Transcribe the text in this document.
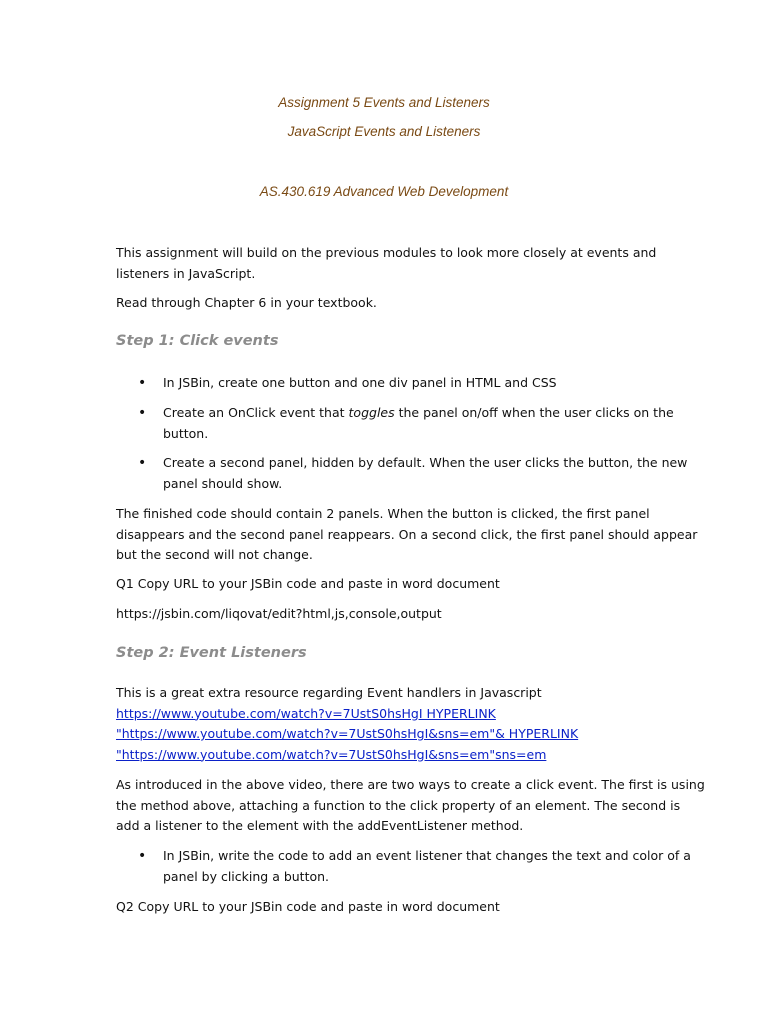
Assignment 5 Events and Listeners
JavaScript Events and Listeners
AS.430.619 Advanced Web Development

This assignment will build on the previous modules to look more closely at events and

listeners in JavaScript.

Read through Chapter 6 in your textbook.

Step 1: Click events
• In JSBin, create one button and one div panel in HTML and CSS

• Create an OnClick event that toggles the panel on/off when the user clicks on the

button.

• Create a second panel, hidden by default. When the user clicks the button, the new

panel should show.

The finished code should contain 2 panels. When the button is clicked, the first panel

disappears and the second panel reappears. On a second click, the first panel should appear

but the second will not change.

Q1 Copy URL to your JSBin code and paste in word document

https://jsbin.com/liqovat/edit?html,js,console,output

Step 2: Event Listeners

This is a great extra resource regarding Event handlers in Javascript

https://www.youtube.com/watch?v=7UstS0hsHgI HYPERLINK

"https://www.youtube.com/watch?v=7UstS0hsHgI&sns=em"& HYPERLINK

"https://www.youtube.com/watch?v=7UstS0hsHgI&sns=em"sns=em

As introduced in the above video, there are two ways to create a click event. The first is using

the method above, attaching a function to the click property of an element. The second is

add a listener to the element with the addEventListener method.

• In JSBin, write the code to add an event listener that changes the text and color of a

panel by clicking a button.

Q2 Copy URL to your JSBin code and paste in word document
